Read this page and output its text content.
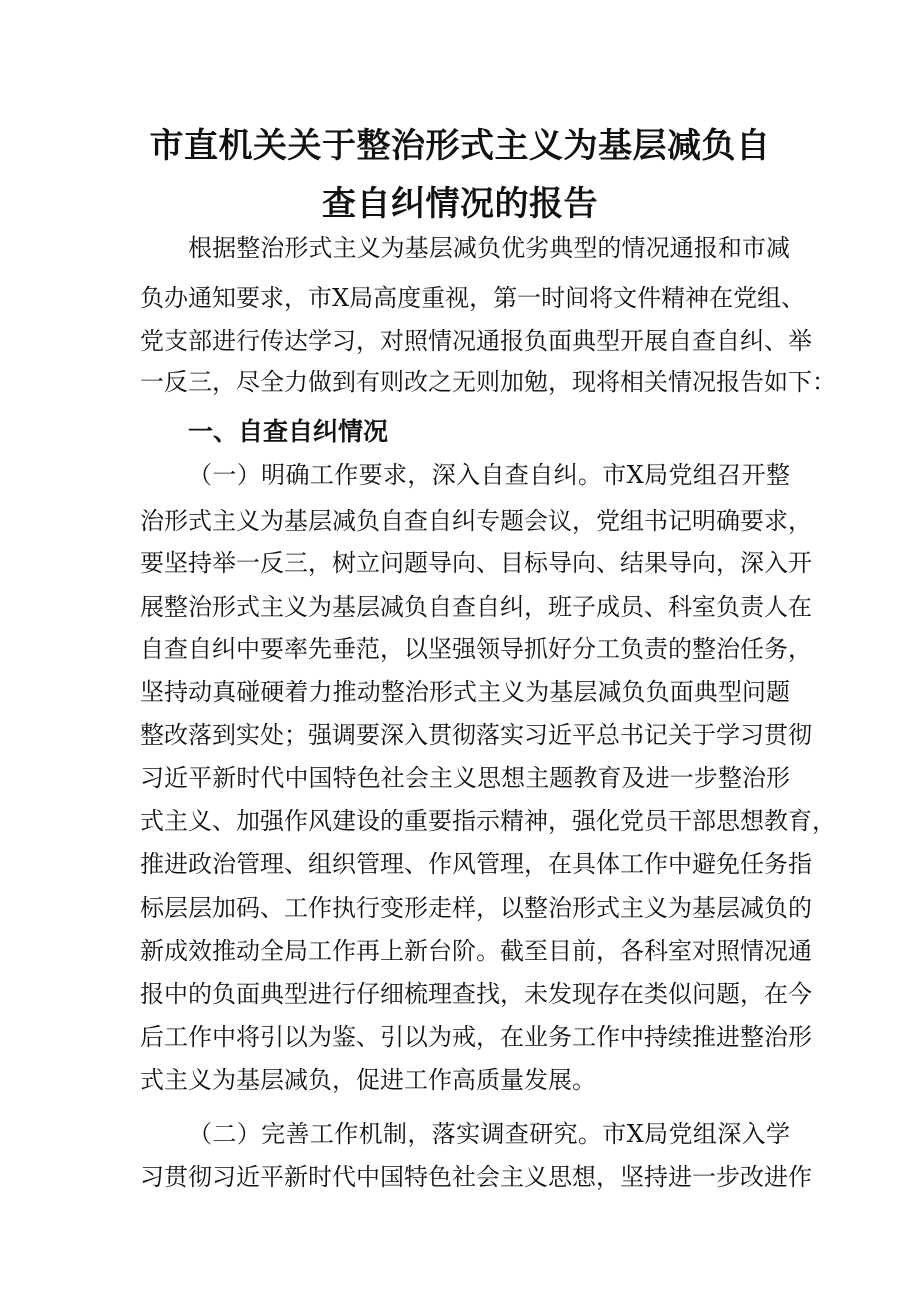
市直机关关于整治形式主义为基层减负自
查自纠情况的报告
根据整治形式主义为基层减负优劣典型的情况通报和市减
负办通知要求，市X局高度重视，第一时间将文件精神在党组、
党支部进行传达学习，对照情况通报负面典型开展自查自纠、举
一反三，尽全力做到有则改之无则加勉，现将相关情况报告如下：
一、自查自纠情况
（一）明确工作要求，深入自查自纠。市X局党组召开整
治形式主义为基层减负自查自纠专题会议，党组书记明确要求，
要坚持举一反三，树立问题导向、目标导向、结果导向，深入开
展整治形式主义为基层减负自查自纠，班子成员、科室负责人在
自查自纠中要率先垂范，以坚强领导抓好分工负责的整治任务，
坚持动真碰硬着力推动整治形式主义为基层减负负面典型问题
整改落到实处；强调要深入贯彻落实习近平总书记关于学习贯彻
习近平新时代中国特色社会主义思想主题教育及进一步整治形
式主义、加强作风建设的重要指示精神，强化党员干部思想教育，
推进政治管理、组织管理、作风管理，在具体工作中避免任务指
标层层加码、工作执行变形走样，以整治形式主义为基层减负的
新成效推动全局工作再上新台阶。截至目前，各科室对照情况通
报中的负面典型进行仔细梳理查找，未发现存在类似问题，在今
后工作中将引以为鉴、引以为戒，在业务工作中持续推进整治形
式主义为基层减负，促进工作高质量发展。
（二）完善工作机制，落实调查研究。市X局党组深入学
习贯彻习近平新时代中国特色社会主义思想，坚持进一步改进作
